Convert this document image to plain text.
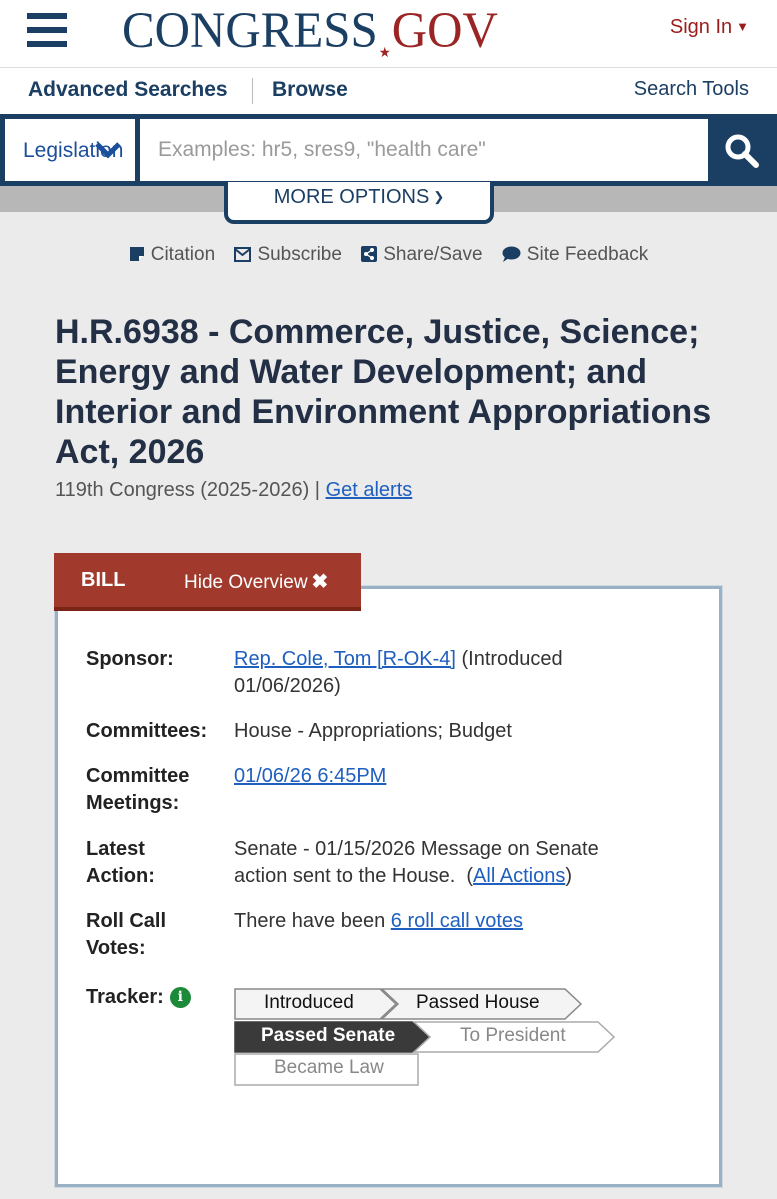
CONGRESS★GOV	Sign In ▼
Advanced Searches Browse	Search Tools
Legislation
Examples: hr5, sres9, "health care"
MORE OPTIONS ❯
Citation Subscribe Share/Save Site Feedback
H.R.6938 - Commerce, Justice, Science; Energy and Water Development; and Interior and Environment Appropriations Act, 2026
119th Congress (2025-2026) | Get alerts
BILL	Hide Overview ✖
Sponsor:	Rep. Cole, Tom [R-OK-4] (Introduced 01/06/2026)
Committees:	House - Appropriations; Budget
Committee
Meetings:
01/06/26 6:45PM
Latest
Action:
Senate - 01/15/2026 Message on Senate action sent to the House. (All Actions)
Roll Call
Votes:
There have been 6 roll call votes
Tracker: i	Introduced	Passed House
Passed Senate	To President
Became Law
